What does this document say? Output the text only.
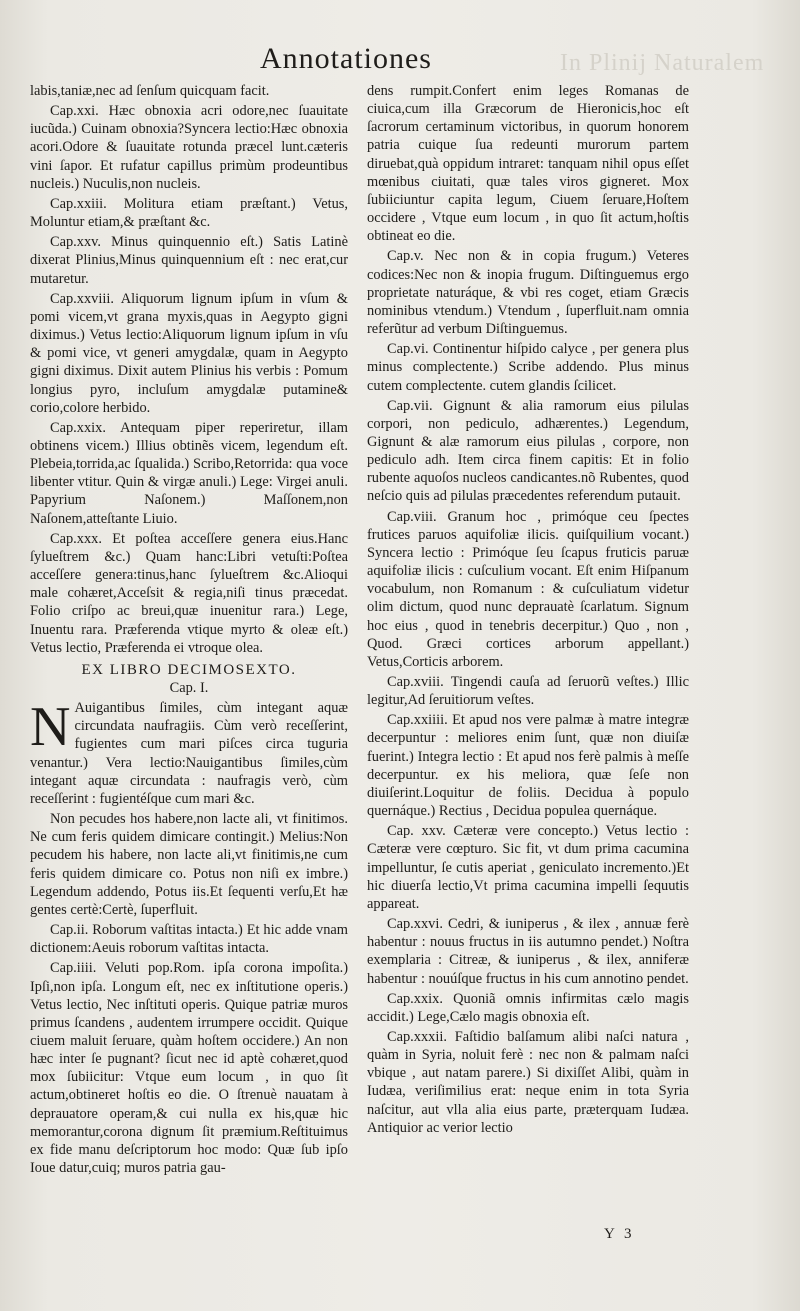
In Plinij Naturalem
Annotationes

labis,taniæ,nec ad ſenſum quicquam facit.

Cap.xxi. Hæc obnoxia acri odore,nec ſuauitate iucũda.) Cuinam obnoxia?Syncera lectio:Hæc obnoxia acori.Odore & ſuauitate rotunda præcel lunt.cæteris vini ſapor. Et rufatur capillus primùm prodeuntibus nucleis.) Nuculis,non nucleis.

Cap.xxiii. Molitura etiam præſtant.) Vetus, Moluntur etiam,& præſtant &c.

Cap.xxv. Minus quinquennio eſt.) Satis Latinè dixerat Plinius,Minus quinquennium eſt : nec erat,cur mutaretur.

Cap.xxviii. Aliquorum lignum ipſum in vſum & pomi vicem,vt grana myxis,quas in Aegypto gigni diximus.) Vetus lectio:Aliquorum lignum ipſum in vſu & pomi vice, vt generi amygdalæ, quam in Aegypto gigni diximus. Dixit autem Plinius his verbis : Pomum longius pyro, incluſum amygdalæ putamine& corio,colore herbido.

Cap.xxix. Antequam piper reperiretur, illam obtinens vicem.) Illius obtinẽs vicem, legendum eſt. Plebeia,torrida,ac ſqualida.) Scribo,Retorrida: qua voce libenter vtitur. Quin & virgæ anuli.) Lege: Virgei anuli. Papyrium Naſonem.) Maſſonem,non Naſonem,atteſtante Liuio.

Cap.xxx. Et poſtea acceſſere genera eius.Hanc ſylueſtrem &c.) Quam hanc:Libri vetuſti:Poſtea acceſſere genera:tinus,hanc ſylueſtrem &c.Alioqui male cohæret,Acceſsit & regia,niſi tinus præcedat. Folio criſpo ac breui,quæ inuenitur rara.) Lege, Inuentu rara. Præferenda vtique myrto & oleæ eſt.) Vetus lectio, Præferenda ei vtroque olea.

EX LIBRO DECIMOSEXTO.

Cap. I.

N Auigantibus ſimiles, cùm integant aquæ circundata naufragiis. Cùm verò receſſerint, fugientes cum mari piſces circa tuguria venantur.) Vera lectio:Nauigantibus ſimiles,cùm integant aquæ circundata : naufragis verò, cùm receſſerint : fugientéſque cum mari &c.

Non pecudes hos habere,non lacte ali, vt finitimos. Ne cum feris quidem dimicare contingit.) Melius:Non pecudem his habere, non lacte ali,vt finitimis,ne cum feris quidem dimicare co. Potus non niſi ex imbre.) Legendum addendo, Potus iis.Et ſequenti verſu,Et hæ gentes certè:Certè, ſuperfluit.

Cap.ii. Roborum vaſtitas intacta.) Et hic adde vnam dictionem:Aeuis roborum vaſtitas intacta.

Cap.iiii. Veluti pop.Rom. ipſa corona impoſita.) Ipſi,non ipſa. Longum eſt, nec ex inſtitutione operis.) Vetus lectio, Nec inſtituti operis. Quique patriæ muros primus ſcandens , audentem irrumpere occidit. Quique ciuem maluit ſeruare, quàm hoſtem occidere.) An non hæc inter ſe pugnant? ſicut nec id aptè cohæret,quod mox ſubiicitur: Vtque eum locum , in quo ſit actum,obtineret hoſtis eo die. O ſtrenuè nauatam à deprauatore operam,& cui nulla ex his,quæ hic memorantur,corona dignum ſit præmium.Reſtituimus ex fide manu deſcriptorum hoc modo: Quæ ſub ipſo Ioue datur,cuiq; muros patria gau-

dens rumpit.Confert enim leges Romanas de ciuica,cum illa Græcorum de Hieronicis,hoc eſt ſacrorum certaminum victoribus, in quorum honorem patria cuique ſua redeunti murorum partem diruebat,quà oppidum intraret: tanquam nihil opus eſſet mœnibus ciuitati, quæ tales viros gigneret. Mox ſubiiciuntur capita legum, Ciuem ſeruare,Hoſtem occidere , Vtque eum locum , in quo ſit actum,hoſtis obtineat eo die.

Cap.v. Nec non & in copia frugum.) Veteres codices:Nec non & inopia frugum. Diſtinguemus ergo proprietate naturáque, & vbi res coget, etiam Græcis nominibus vtendum.) Vtendum , ſuperfluit.nam omnia referũtur ad verbum Diſtinguemus.

Cap.vi. Continentur hiſpido calyce , per genera plus minus complectente.) Scribe addendo. Plus minus cutem complectente. cutem glandis ſcilicet.

Cap.vii. Gignunt & alia ramorum eius pilulas corpori, non pediculo, adhærentes.) Legendum, Gignunt & alæ ramorum eius pilulas , corpore, non pediculo adh. Item circa finem capitis: Et in folio rubente aquoſos nucleos candicantes.nõ Rubentes, quod neſcio quis ad pilulas præcedentes referendum putauit.

Cap.viii. Granum hoc , primóque ceu ſpectes frutices paruos aquifoliæ ilicis. quiſquilium vocant.) Syncera lectio : Primóque ſeu ſcapus fruticis paruæ aquifoliæ ilicis : cuſculium vocant. Eſt enim Hiſpanum vocabulum, non Romanum : & cuſculiatum videtur olim dictum, quod nunc deprauatè ſcarlatum. Signum hoc eius , quod in tenebris decerpitur.) Quo , non , Quod. Græci cortices arborum appellant.) Vetus,Corticis arborem.

Cap.xviii. Tingendi cauſa ad ſeruorũ veſtes.) Illic legitur,Ad ſeruitiorum veſtes.

Cap.xxiiii. Et apud nos vere palmæ à matre integræ decerpuntur : meliores enim ſunt, quæ non diuiſæ fuerint.) Integra lectio : Et apud nos ferè palmis à meſſe decerpuntur. ex his meliora, quæ ſeſe non diuiſerint.Loquitur de foliis. Decidua à populo quernáque.) Rectius , Decidua populea quernáque.

Cap. xxv. Cæteræ vere concepto.) Vetus lectio : Cæteræ vere cœpturo. Sic fit, vt dum prima cacumina impelluntur, ſe cutis aperiat , geniculato incremento.)Et hic diuerſa lectio,Vt prima cacumina impelli ſequutis appareat.

Cap.xxvi. Cedri, & iuniperus , & ilex , annuæ ferè habentur : nouus fructus in iis autumno pendet.) Noſtra exemplaria : Citreæ, & iuniperus , & ilex, anniferæ habentur : nouúſque fructus in his cum annotino pendet.

Cap.xxix. Quoniã omnis infirmitas cælo magis accidit.) Lege,Cælo magis obnoxia eſt.

Cap.xxxii. Faſtidio balſamum alibi naſci natura , quàm in Syria, noluit ferè : nec non & palmam naſci vbique , aut natam parere.) Si dixiſſet Alibi, quàm in Iudæa, veriſimilius erat: neque enim in tota Syria naſcitur, aut vlla alia eius parte, præterquam Iudæa. Antiquior ac verior lectio

Y 3
